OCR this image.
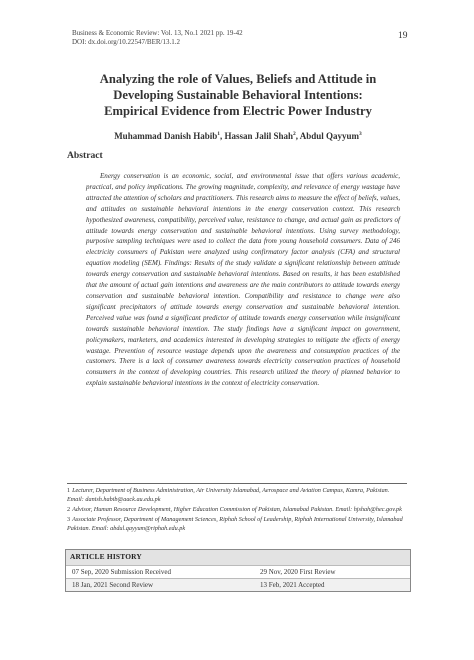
Business & Economic Review: Vol. 13, No.1 2021 pp. 19-42
DOI: dx.doi.org/10.22547/BER/13.1.2
19
Analyzing the role of Values, Beliefs and Attitude in
Developing Sustainable Behavioral Intentions:
Empirical Evidence from Electric Power Industry
Muhammad Danish Habib$^1$, Hassan Jalil Shah$^2$, Abdul Qayyum$^3$
Abstract

Energy conservation is an economic, social, and environmental issue that offers various academic, practical, and policy implications. The growing magnitude, complexity, and relevance of energy wastage have attracted the attention of scholars and practitioners. This research aims to measure the effect of beliefs, values, and attitudes on sustainable behavioral intentions in the energy conservation context. This research hypothesized awareness, compatibility, perceived value, resistance to change, and actual gain as predictors of attitude towards energy conservation and sustainable behavioral intentions. Using survey methodology, purposive sampling techniques were used to collect the data from young household consumers. Data of 246 electricity consumers of Pakistan were analyzed using confirmatory factor analysis (CFA) and structural equation modeling (SEM). Findings: Results of the study validate a significant relationship between attitude towards energy conservation and sustainable behavioral intentions. Based on results, it has been established that the amount of actual gain intentions and awareness are the main contributors to attitude towards energy conservation and sustainable behavioral intention. Compatibility and resistance to change were also significant precipitators of attitude towards energy conservation and sustainable behavioral intention. Perceived value was found a significant predictor of attitude towards energy conservation while insignificant towards sustainable behavioral intention. The study findings have a significant impact on government, policymakers, marketers, and academics interested in developing strategies to mitigate the effects of energy wastage. Prevention of resource wastage depends upon the awareness and consumption practices of the customers. There is a lack of consumer awareness towards electricity conservation practices of household consumers in the context of developing countries. This research utilized the theory of planned behavior to explain sustainable behavioral intentions in the context of electricity conservation.

1 Lecturer, Department of Business Administration, Air University Islamabad, Aerospace and Aviation Campus, Kamra, Pakistan. Email: danish.habib@aack.au.edu.pk

2 Advisor, Human Resource Development, Higher Education Commission of Pakistan, Islamabad Pakistan. Email: hjshah@hec.gov.pk

3 Associate Professor, Department of Management Sciences, Riphah School of Leadership, Riphah International University, Islamabad Pakistan. Email: abdul.qayyum@riphah.edu.pk

ARTICLE HISTORY
07 Sep, 2020 Submission Received	29 Nov, 2020 First Review
18 Jan, 2021 Second Review	13 Feb, 2021 Accepted
